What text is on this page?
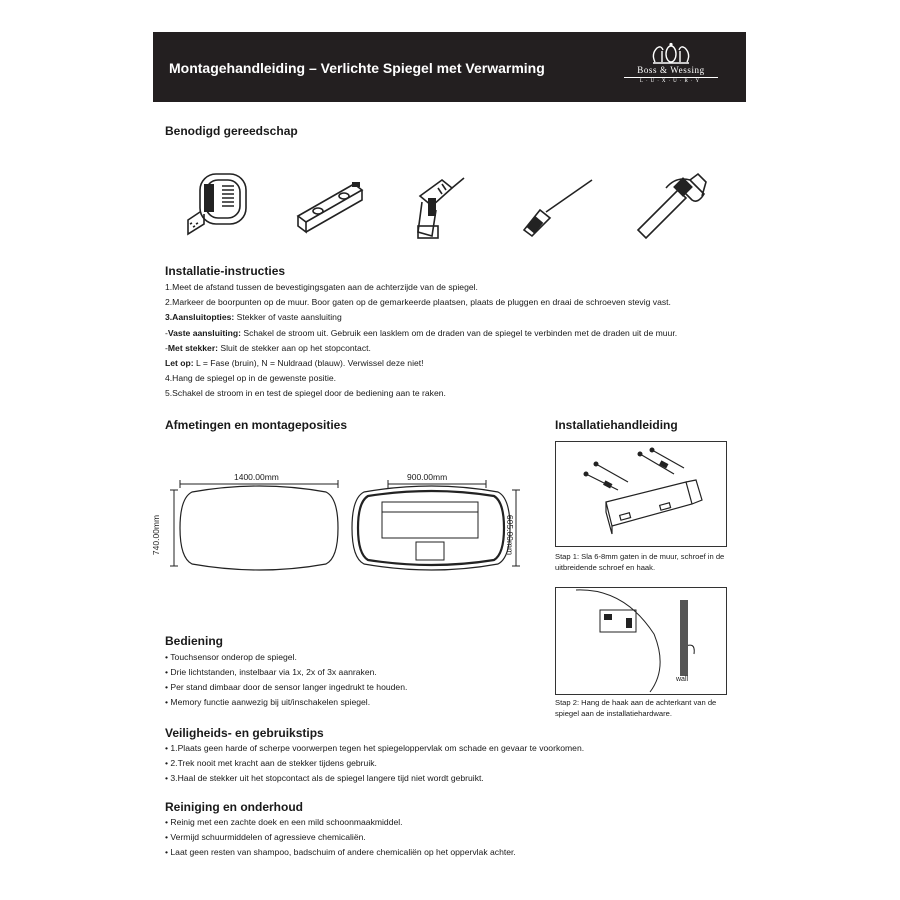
Montagehandleiding – Verlichte Spiegel met Verwarming	Boss & Wessing
L·U·X·U·R·Y
Benodigd gereedschap
Installatie-instructies
1.Meet de afstand tussen de bevestigingsgaten aan de achterzijde van de spiegel.
2.Markeer de boorpunten op de muur. Boor gaten op de gemarkeerde plaatsen, plaats de pluggen en draai de schroeven stevig vast.
3.Aansluitopties: Stekker of vaste aansluiting
-Vaste aansluiting: Schakel de stroom uit. Gebruik een lasklem om de draden van de spiegel te verbinden met de draden uit de muur.
-Met stekker: Sluit de stekker aan op het stopcontact.
Let op: L = Fase (bruin), N = Nuldraad (blauw). Verwissel deze niet!
4.Hang de spiegel op in de gewenste positie.
5.Schakel de stroom in en test de spiegel door de bediening aan te raken.
Afmetingen en montageposities
1400.00mm
740.00mm
900.00mm
605.00mm
Installatiehandleiding
Stap 1: Sla 6-8mm gaten in de muur, schroef in de uitbreidende schroef en haak.
wall
Stap 2: Hang de haak aan de achterkant van de spiegel aan de installatiehardware.
Bediening
• Touchsensor onderop de spiegel.
• Drie lichtstanden, instelbaar via 1x, 2x of 3x aanraken.
• Per stand dimbaar door de sensor langer ingedrukt te houden.
• Memory functie aanwezig bij uit/inschakelen spiegel.
Veiligheids- en gebruikstips
• 1.Plaats geen harde of scherpe voorwerpen tegen het spiegeloppervlak om schade en gevaar te voorkomen.
• 2.Trek nooit met kracht aan de stekker tijdens gebruik.
• 3.Haal de stekker uit het stopcontact als de spiegel langere tijd niet wordt gebruikt.
Reiniging en onderhoud
• Reinig met een zachte doek en een mild schoonmaakmiddel.
• Vermijd schuurmiddelen of agressieve chemicaliën.
• Laat geen resten van shampoo, badschuim of andere chemicaliën op het oppervlak achter.
